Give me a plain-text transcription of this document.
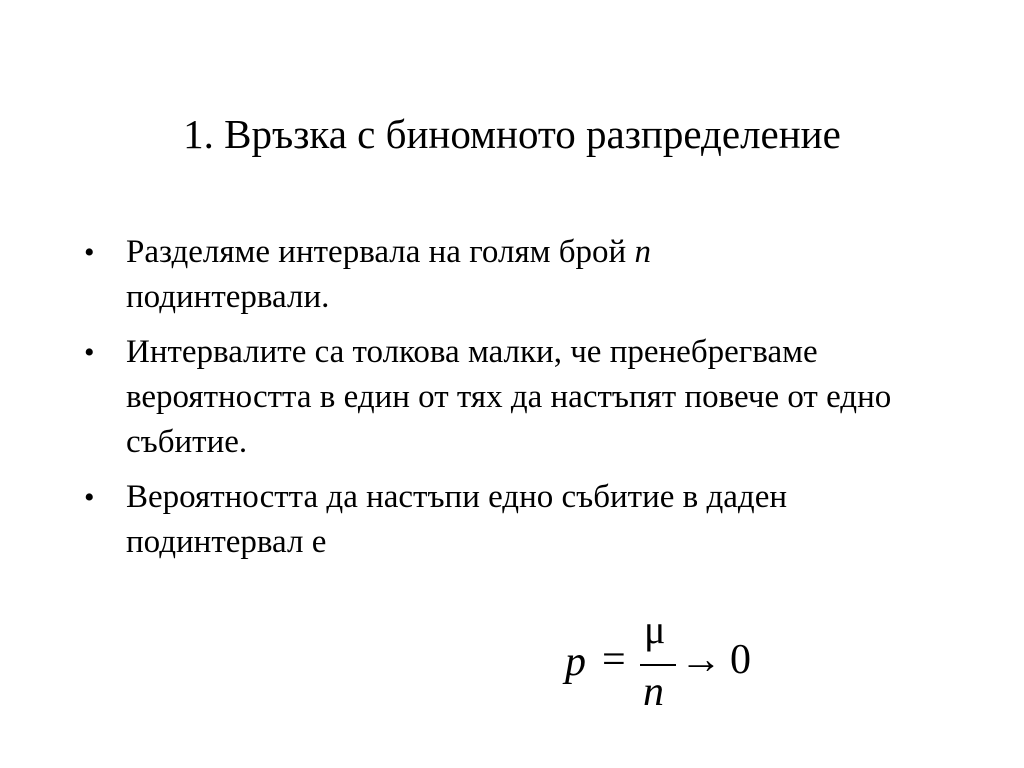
1. Връзка с биномното разпределение
• Разделяме интервала на голям брой n
подинтервали.
• Интервалите са толкова малки, че пренебрегваме вероятността в един от тях да настъпят повече от едно събитие.
• Вероятността да настъпи едно събитие в даден подинтервал е
p =
μ
n
→ 0
